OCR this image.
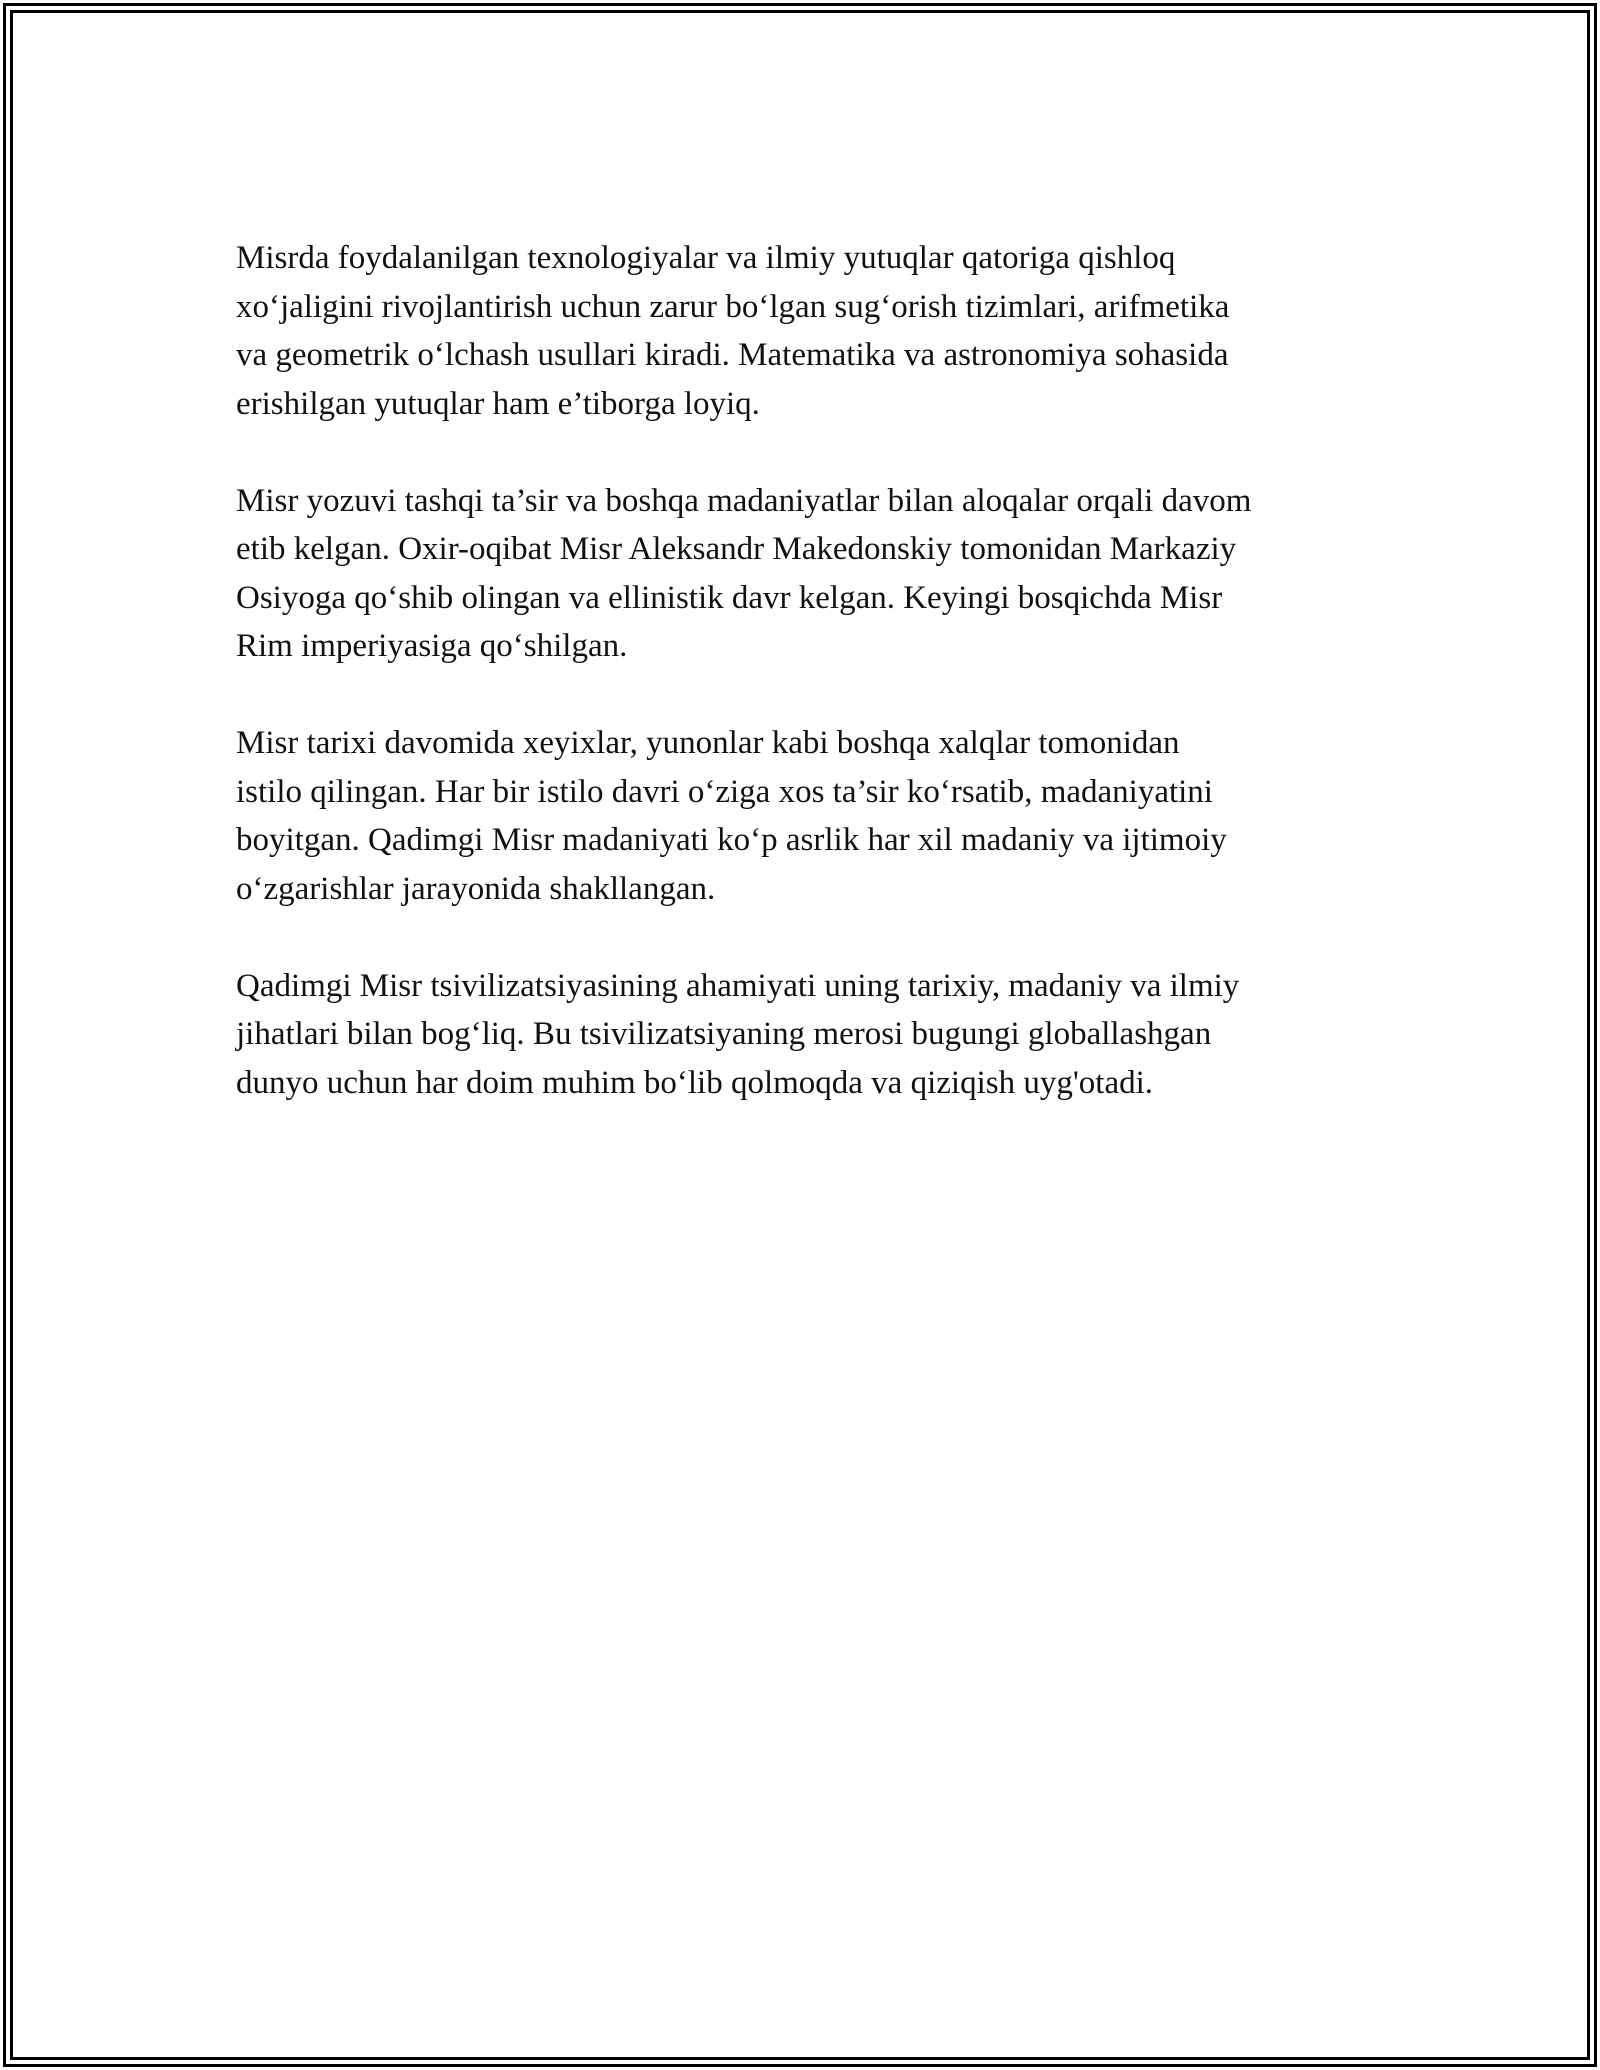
Misrda foydalanilgan texnologiyalar va ilmiy yutuqlar qatoriga qishloq
xo‘jaligini rivojlantirish uchun zarur bo‘lgan sug‘orish tizimlari, arifmetika
va geometrik o‘lchash usullari kiradi. Matematika va astronomiya sohasida
erishilgan yutuqlar ham e’tiborga loyiq.

Misr yozuvi tashqi ta’sir va boshqa madaniyatlar bilan aloqalar orqali davom
etib kelgan. Oxir-oqibat Misr Aleksandr Makedonskiy tomonidan Markaziy
Osiyoga qo‘shib olingan va ellinistik davr kelgan. Keyingi bosqichda Misr
Rim imperiyasiga qo‘shilgan.

Misr tarixi davomida xeyixlar, yunonlar kabi boshqa xalqlar tomonidan
istilo qilingan. Har bir istilo davri o‘ziga xos ta’sir ko‘rsatib, madaniyatini
boyitgan. Qadimgi Misr madaniyati ko‘p asrlik har xil madaniy va ijtimoiy
o‘zgarishlar jarayonida shakllangan.

Qadimgi Misr tsivilizatsiyasining ahamiyati uning tarixiy, madaniy va ilmiy
jihatlari bilan bog‘liq. Bu tsivilizatsiyaning merosi bugungi globallashgan
dunyo uchun har doim muhim bo‘lib qolmoqda va qiziqish uyg'otadi.
